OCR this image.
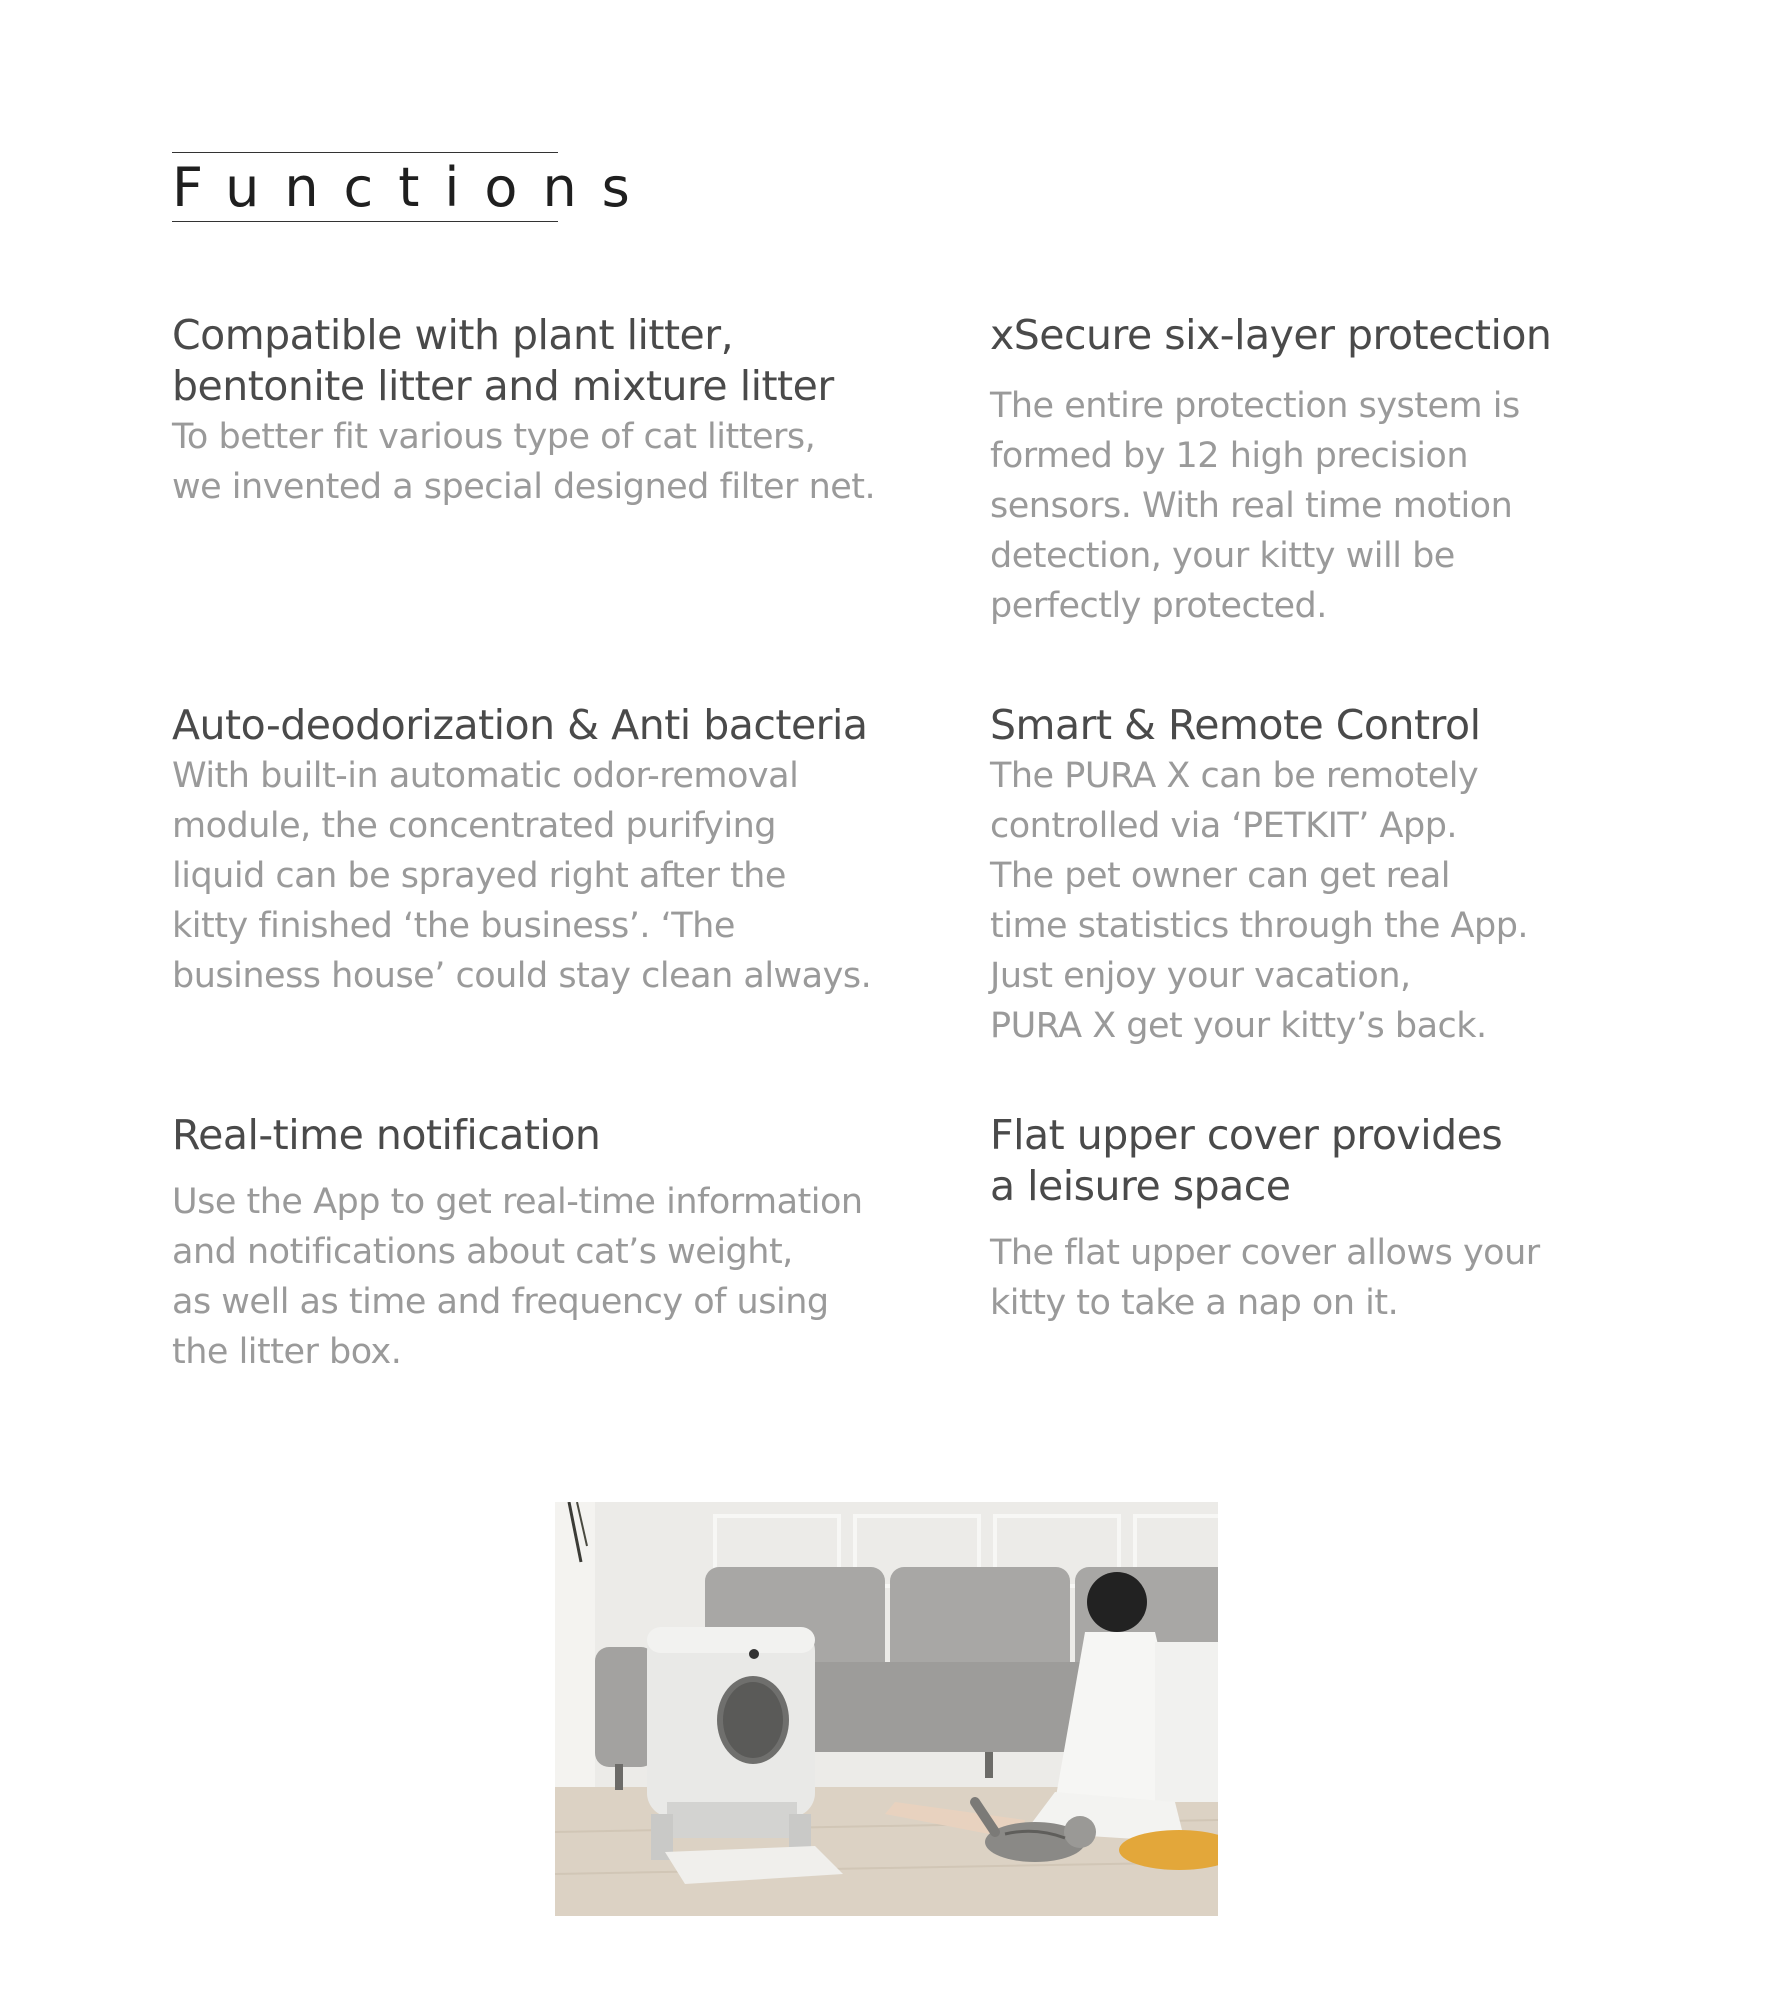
Functions
Compatible with plant litter,
bentonite litter and mixture litter

To better fit various type of cat litters,
we invented a special designed filter net.

xSecure six-layer protection

The entire protection system is
formed by 12 high precision
sensors. With real time motion
detection, your kitty will be
perfectly protected.

Auto-deodorization & Anti bacteria

With built-in automatic odor-removal
module, the concentrated purifying
liquid can be sprayed right after the
kitty finished ‘the business’. ‘The
business house’ could stay clean always.

Smart & Remote Control

The PURA X can be remotely
controlled via ‘PETKIT’ App.
The pet owner can get real
time statistics through the App.
Just enjoy your vacation,
PURA X get your kitty’s back.

Real-time notification

Use the App to get real-time information
and notifications about cat’s weight,
as well as time and frequency of using
the litter box.

Flat upper cover provides
a leisure space

The flat upper cover allows your
kitty to take a nap on it.
